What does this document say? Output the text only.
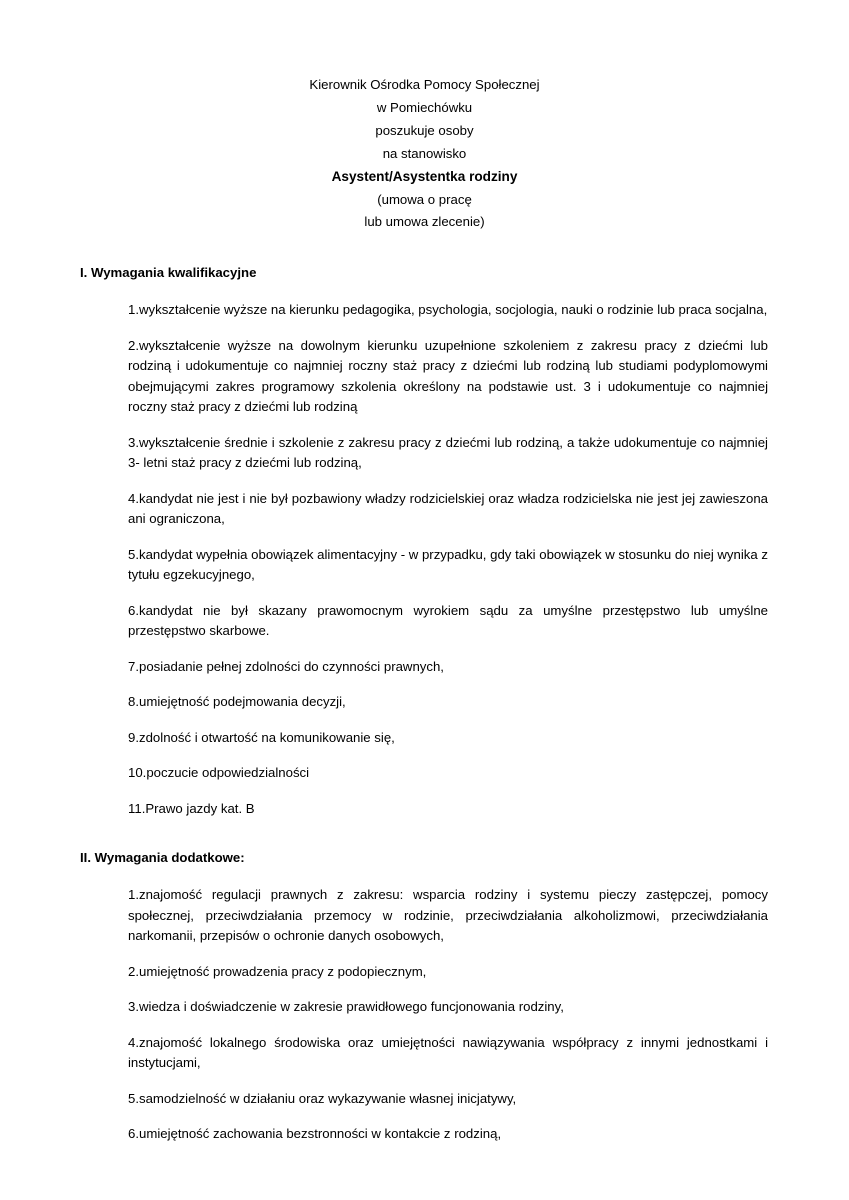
Kierownik Ośrodka Pomocy Społecznej
w Pomiechówku
poszukuje osoby
na stanowisko
Asystent/Asystentka rodziny
(umowa o pracę
lub umowa zlecenie)
I. Wymagania kwalifikacyjne
1.wykształcenie wyższe na kierunku pedagogika, psychologia, socjologia, nauki o rodzinie lub praca socjalna,
2.wykształcenie wyższe na dowolnym kierunku uzupełnione szkoleniem z zakresu pracy z dziećmi lub rodziną i udokumentuje co najmniej roczny staż pracy z dziećmi lub rodziną lub studiami podyplomowymi obejmującymi zakres programowy szkolenia określony na podstawie ust. 3 i udokumentuje co najmniej roczny staż pracy z dziećmi lub rodziną
3.wykształcenie średnie i szkolenie z zakresu pracy z dziećmi lub rodziną, a także udokumentuje co najmniej 3- letni staż pracy z dziećmi lub rodziną,
4.kandydat nie jest i nie był pozbawiony władzy rodzicielskiej oraz władza rodzicielska nie jest jej zawieszona ani ograniczona,
5.kandydat wypełnia obowiązek alimentacyjny - w przypadku, gdy taki obowiązek w stosunku do niej wynika z tytułu egzekucyjnego,
6.kandydat nie był skazany prawomocnym wyrokiem sądu za umyślne przestępstwo lub umyślne przestępstwo skarbowe.
7.posiadanie pełnej zdolności do czynności prawnych,
8.umiejętność podejmowania decyzji,
9.zdolność i otwartość na komunikowanie się,
10.poczucie odpowiedzialności
11.Prawo jazdy kat. B
II. Wymagania dodatkowe:
1.znajomość regulacji prawnych z zakresu: wsparcia rodziny i systemu pieczy zastępczej, pomocy społecznej, przeciwdziałania przemocy w rodzinie, przeciwdziałania alkoholizmowi, przeciwdziałania narkomanii, przepisów o ochronie danych osobowych,
2.umiejętność prowadzenia pracy z podopiecznym,
3.wiedza i doświadczenie w zakresie prawidłowego funcjonowania rodziny,
4.znajomość lokalnego środowiska oraz umiejętności nawiązywania współpracy z innymi jednostkami i instytucjami,
5.samodzielność w działaniu oraz wykazywanie własnej inicjatywy,
6.umiejętność zachowania bezstronności w kontakcie z rodziną,
